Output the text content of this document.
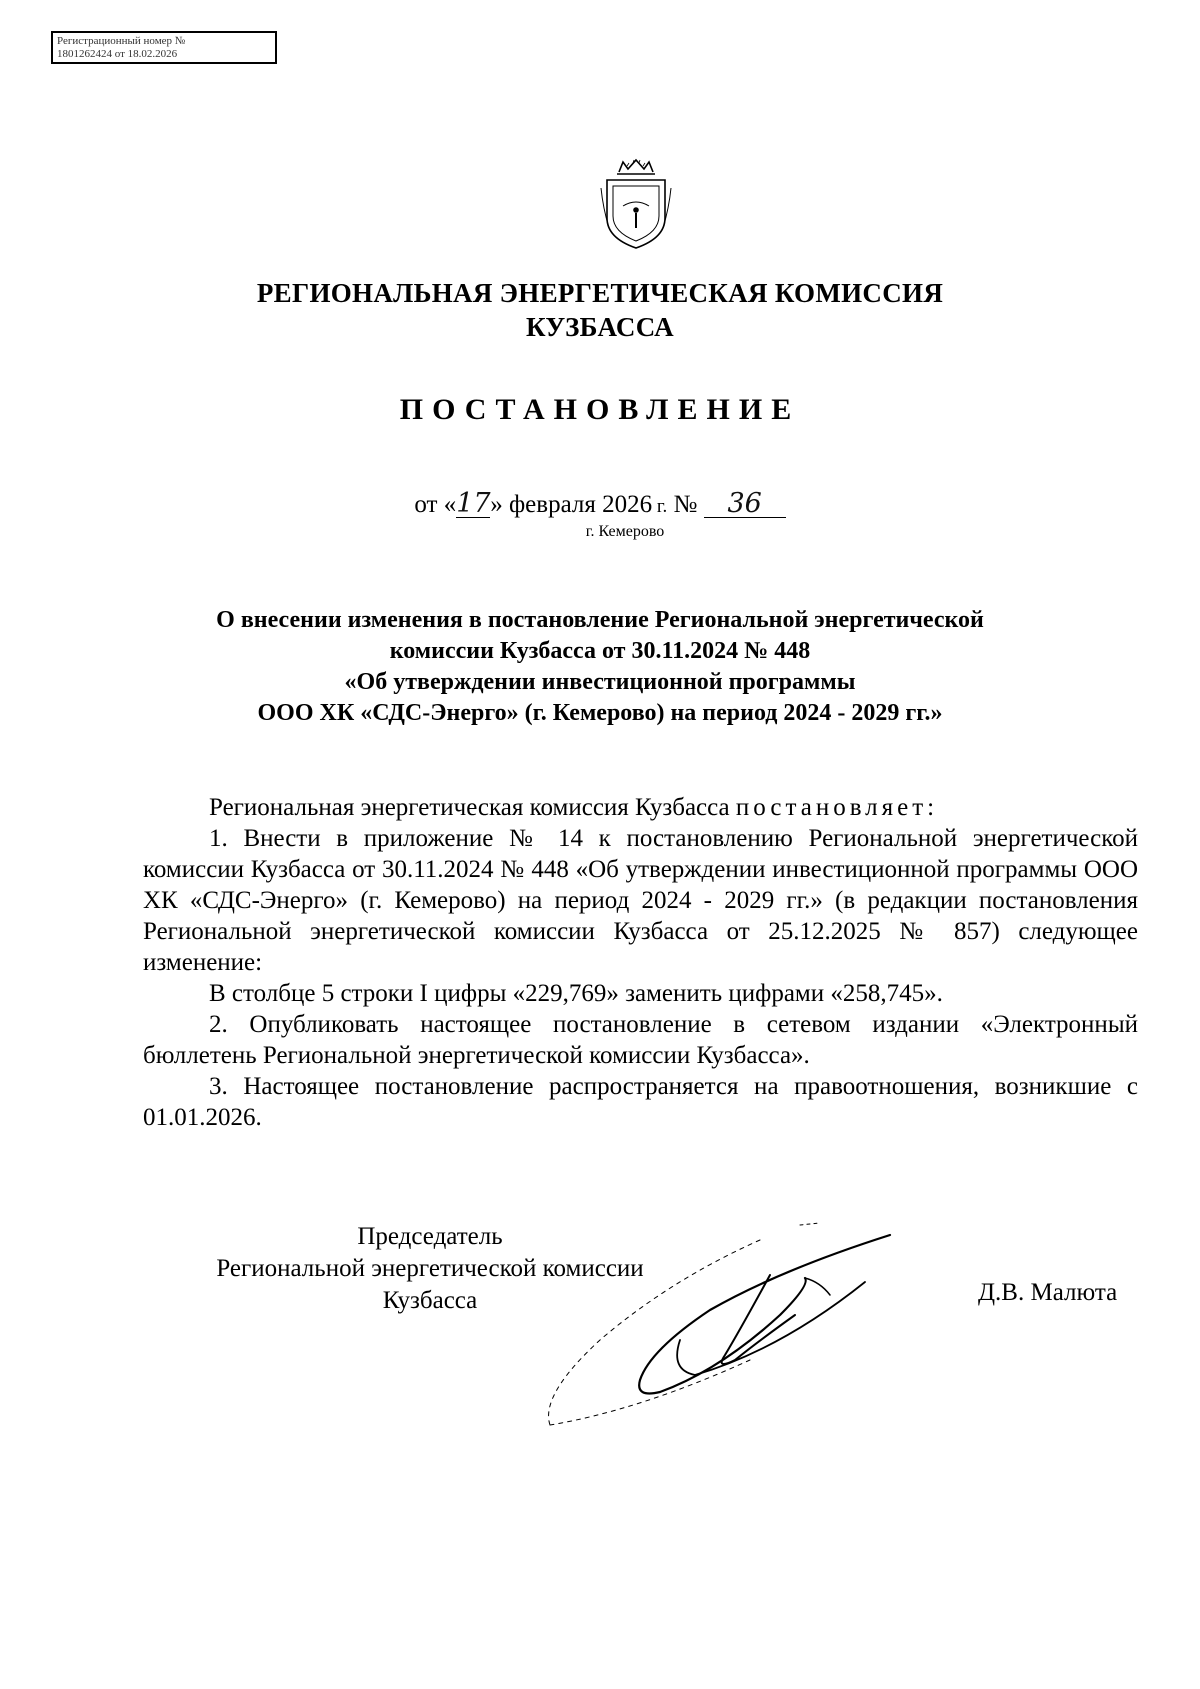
Регистрационный номер №
1801262424 от 18.02.2026
РЕГИОНАЛЬНАЯ ЭНЕРГЕТИЧЕСКАЯ КОМИССИЯ
КУЗБАССА
ПОСТАНОВЛЕНИЕ
от «17» февраля 2026 г. № 36
г. Кемерово
О внесении изменения в постановление Региональной энергетической
комиссии Кузбасса от 30.11.2024 № 448
«Об утверждении инвестиционной программы
ООО ХК «СДС-Энерго» (г. Кемерово) на период 2024 - 2029 гг.»

Региональная энергетическая комиссия Кузбасса постановляет:

1. Внести в приложение № 14 к постановлению Региональной энергетической комиссии Кузбасса от 30.11.2024 № 448 «Об утверждении инвестиционной программы ООО ХК «СДС-Энерго» (г. Кемерово) на период 2024 - 2029 гг.» (в редакции постановления Региональной энергетической комиссии Кузбасса от 25.12.2025 № 857) следующее изменение:

В столбце 5 строки I цифры «229,769» заменить цифрами «258,745».

2. Опубликовать настоящее постановление в сетевом издании «Электронный бюллетень Региональной энергетической комиссии Кузбасса».

3. Настоящее постановление распространяется на правоотношения, возникшие с 01.01.2026.

Председатель
Региональной энергетической комиссии
Кузбасса	Д.В. Малюта
